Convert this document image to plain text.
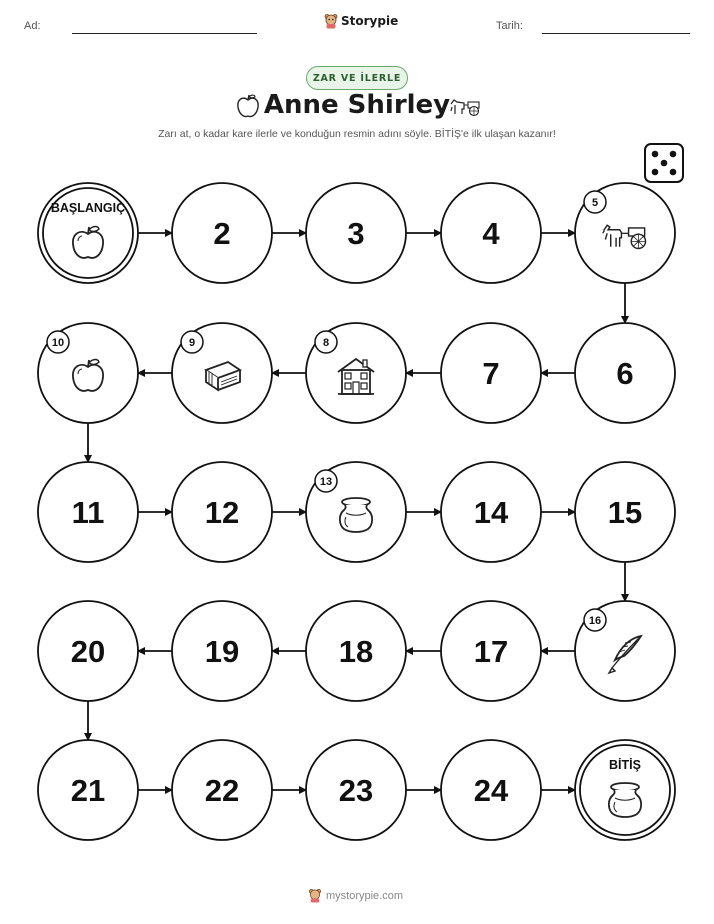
Ad:	Storypie	Tarih:
ZAR VE İLERLE
Anne Shirley
Zarı at, o kadar kare ilerle ve konduğun resmin adını söyle. BİTİŞ'e ilk ulaşan kazanır!
BAŞLANGIÇ
2	3	4
5
6
7
8
9
10
11	12
13
14	15
16
17
18
19
20
21	22	23	24
BİTİŞ
mystorypie.com
